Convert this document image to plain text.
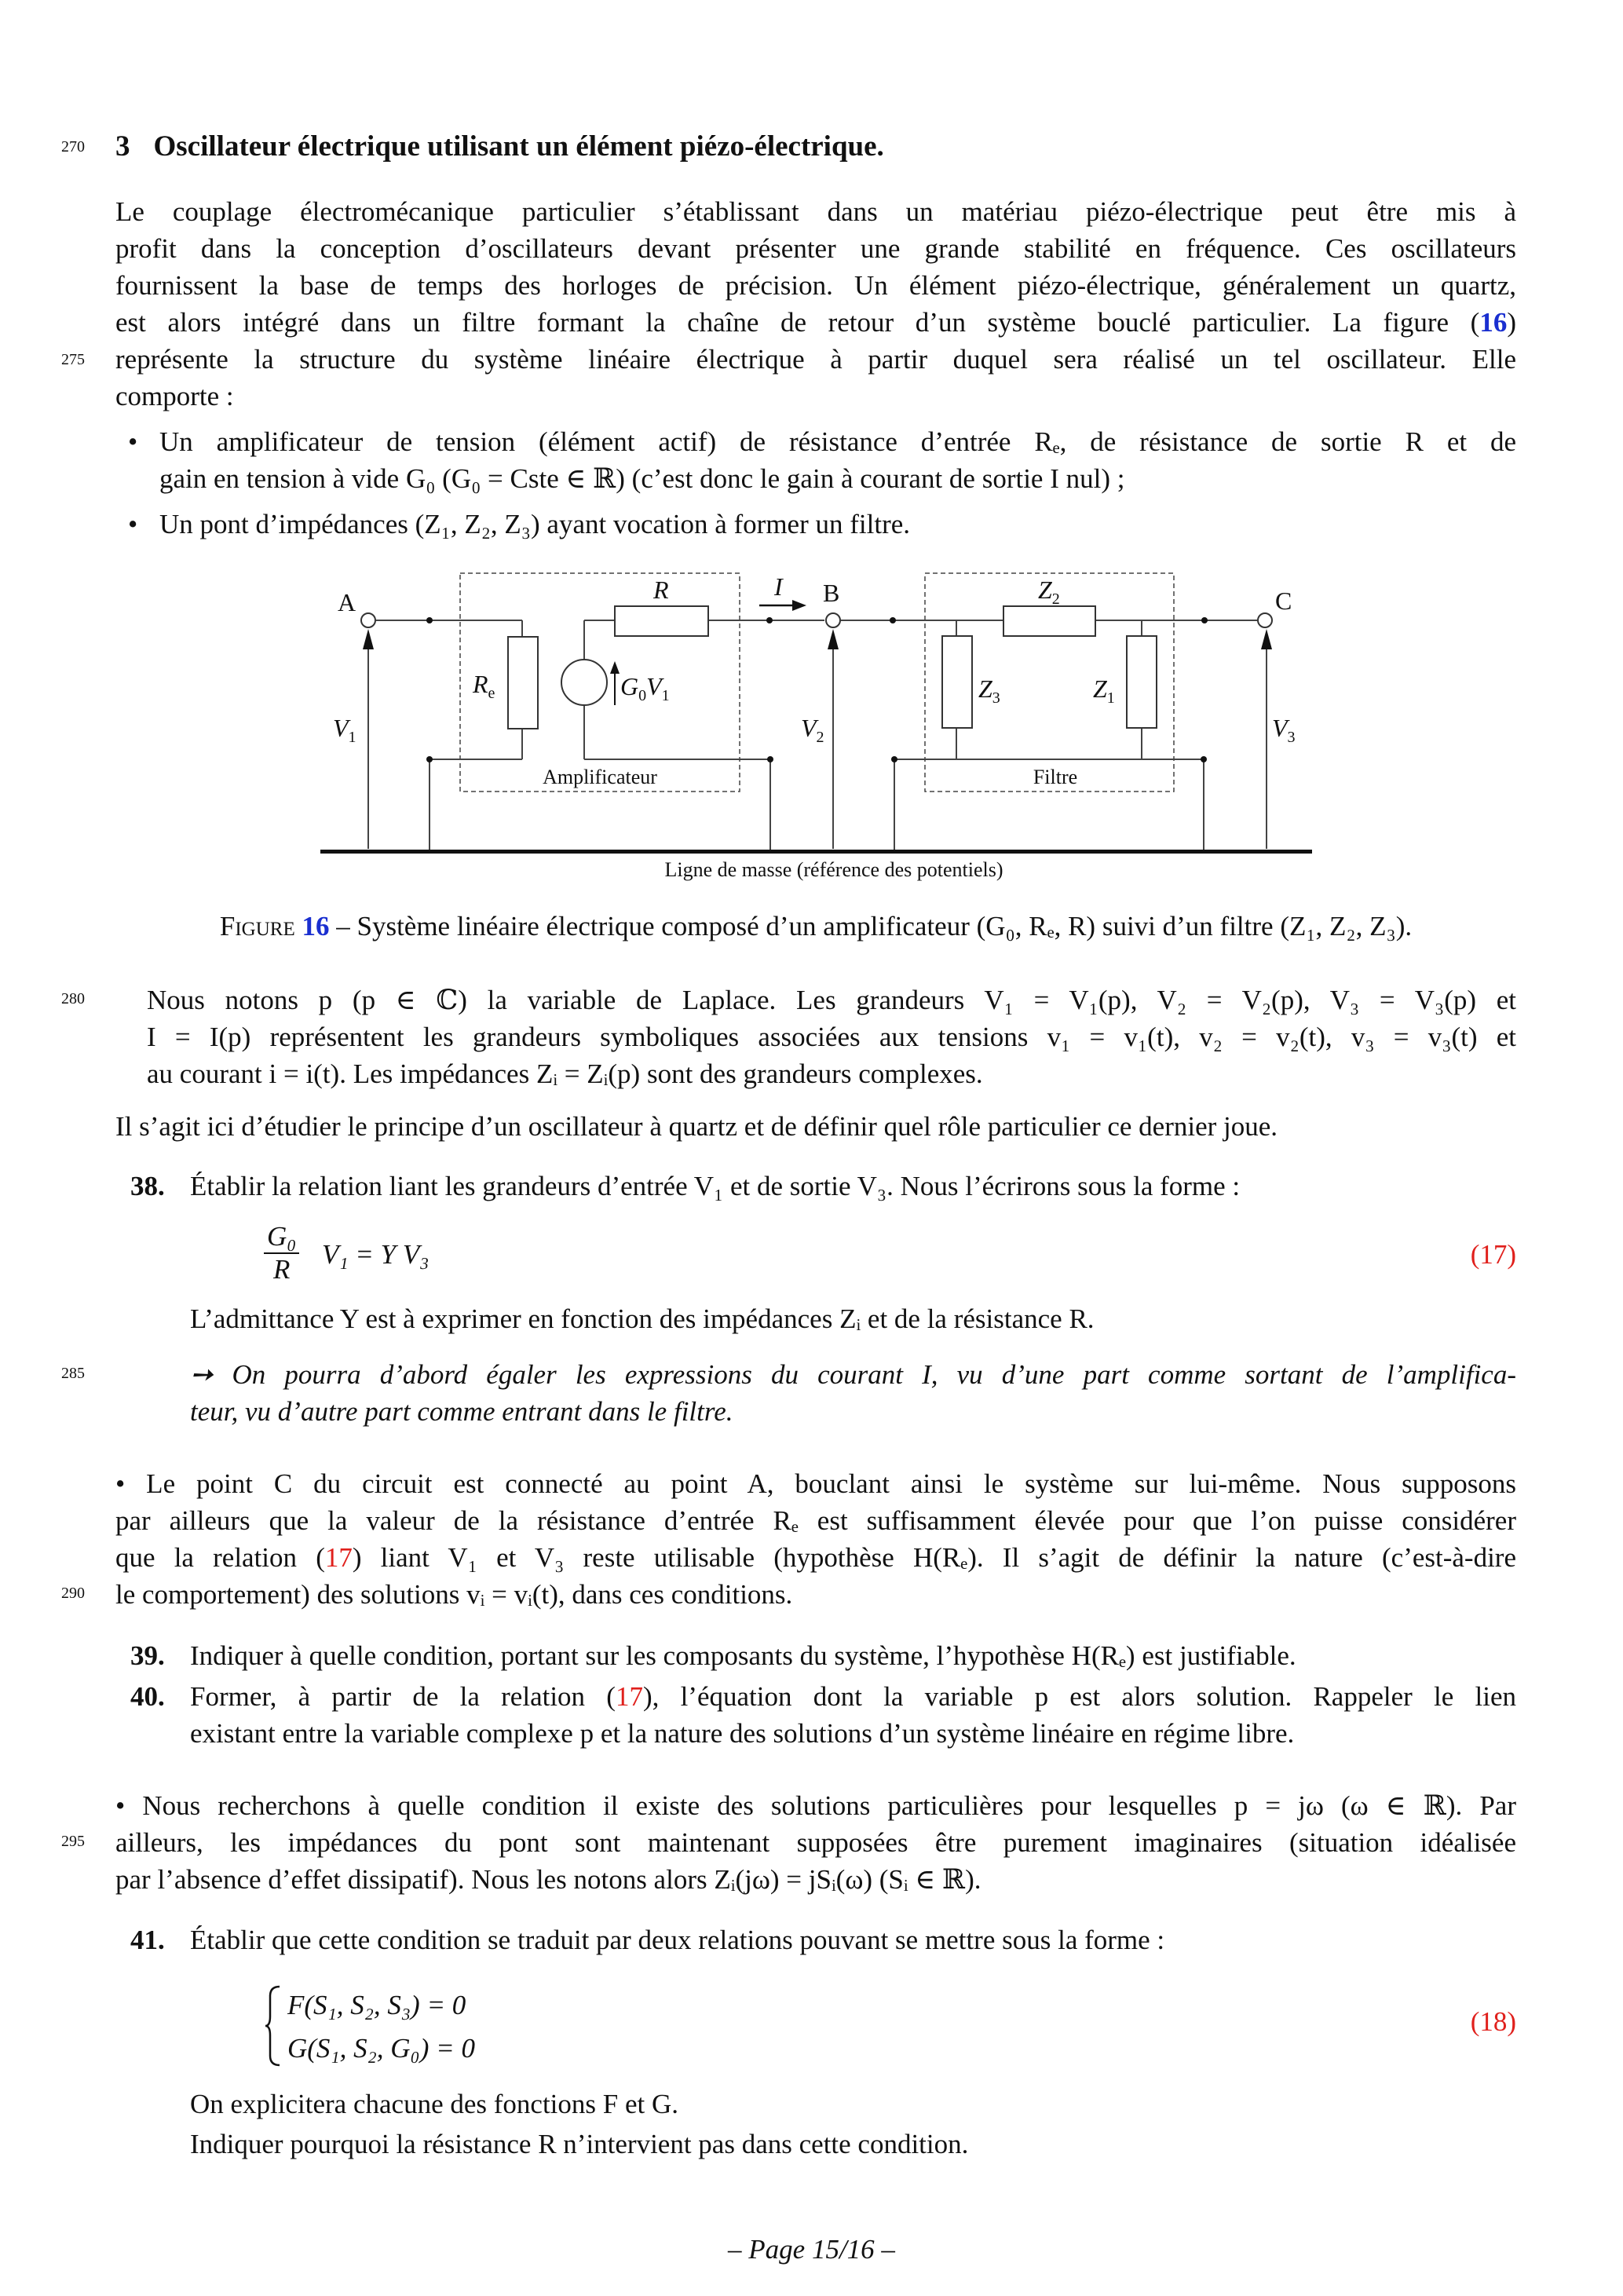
270
275
280
285
290
295
3 Oscillateur électrique utilisant un élément piézo-électrique.
Le couplage électromécanique particulier s’établissant dans un matériau piézo-électrique peut être mis à
profit dans la conception d’oscillateurs devant présenter une grande stabilité en fréquence. Ces oscillateurs
fournissent la base de temps des horloges de précision. Un élément piézo-électrique, généralement un quartz,
est alors intégré dans un filtre formant la chaîne de retour d’un système bouclé particulier. La figure (16)
représente la structure du système linéaire électrique à partir duquel sera réalisé un tel oscillateur. Elle
comporte :
• Un amplificateur de tension (élément actif) de résistance d’entrée Rₑ, de résistance de sortie R et de
gain en tension à vide G₀ (G₀ = Cste ∈ ℝ) (c’est donc le gain à courant de sortie I nul) ;
• Un pont d’impédances (Z₁, Z₂, Z₃) ayant vocation à former un filtre.
A	B	C
R	I	$Z_2$
$R_e$	$G_0V_1$	$Z_3$	$Z_1$
$V_1$	$V_2$	$V_3$
Amplificateur	Filtre
Ligne de masse (référence des potentiels)
Figure 16 – Système linéaire électrique composé d’un amplificateur (G₀, Rₑ, R) suivi d’un filtre (Z₁, Z₂, Z₃).
Nous notons p (p ∈ ℂ) la variable de Laplace. Les grandeurs V₁ = V₁(p), V₂ = V₂(p), V₃ = V₃(p) et
I = I(p) représentent les grandeurs symboliques associées aux tensions v₁ = v₁(t), v₂ = v₂(t), v₃ = v₃(t) et
au courant i = i(t). Les impédances Zᵢ = Zᵢ(p) sont des grandeurs complexes.
Il s’agit ici d’étudier le principe d’un oscillateur à quartz et de définir quel rôle particulier ce dernier joue.
38. Établir la relation liant les grandeurs d’entrée V₁ et de sortie V₃. Nous l’écrirons sous la forme :
$\frac{\text{G₀}}{R} V_1 = Y$ V₃	(17)
L’admittance Y est à exprimer en fonction des impédances Zᵢ et de la résistance R.
➙ On pourra d’abord égaler les expressions du courant I, vu d’une part comme sortant de l’amplifica-
teur, vu d’autre part comme entrant dans le filtre.
• Le point C du circuit est connecté au point A, bouclant ainsi le système sur lui-même. Nous supposons
par ailleurs que la valeur de la résistance d’entrée Rₑ est suffisamment élevée pour que l’on puisse considérer
que la relation (17) liant V₁ et V₃ reste utilisable (hypothèse H(Rₑ). Il s’agit de définir la nature (c’est-à-dire
le comportement) des solutions vᵢ = vᵢ(t), dans ces conditions.
39. Indiquer à quelle condition, portant sur les composants du système, l’hypothèse H(Rₑ) est justifiable.
40. Former, à partir de la relation (17), l’équation dont la variable p est alors solution. Rappeler le lien
existant entre la variable complexe p et la nature des solutions d’un système linéaire en régime libre.
• Nous recherchons à quelle condition il existe des solutions particulières pour lesquelles p = jω (ω ∈ ℝ). Par
ailleurs, les impédances du pont sont maintenant supposées être purement imaginaires (situation idéalisée
par l’absence d’effet dissipatif). Nous les notons alors Zᵢ(jω) = jSᵢ(ω) (Sᵢ ∈ ℝ).
41. Établir que cette condition se traduit par deux relations pouvant se mettre sous la forme :
F(S₁, S₂, S₃) = 0
G(S₁, S₂, G₀) = 0
(18)
On explicitera chacune des fonctions F et G.
Indiquer pourquoi la résistance R n’intervient pas dans cette condition.
– Page 15/16 –
